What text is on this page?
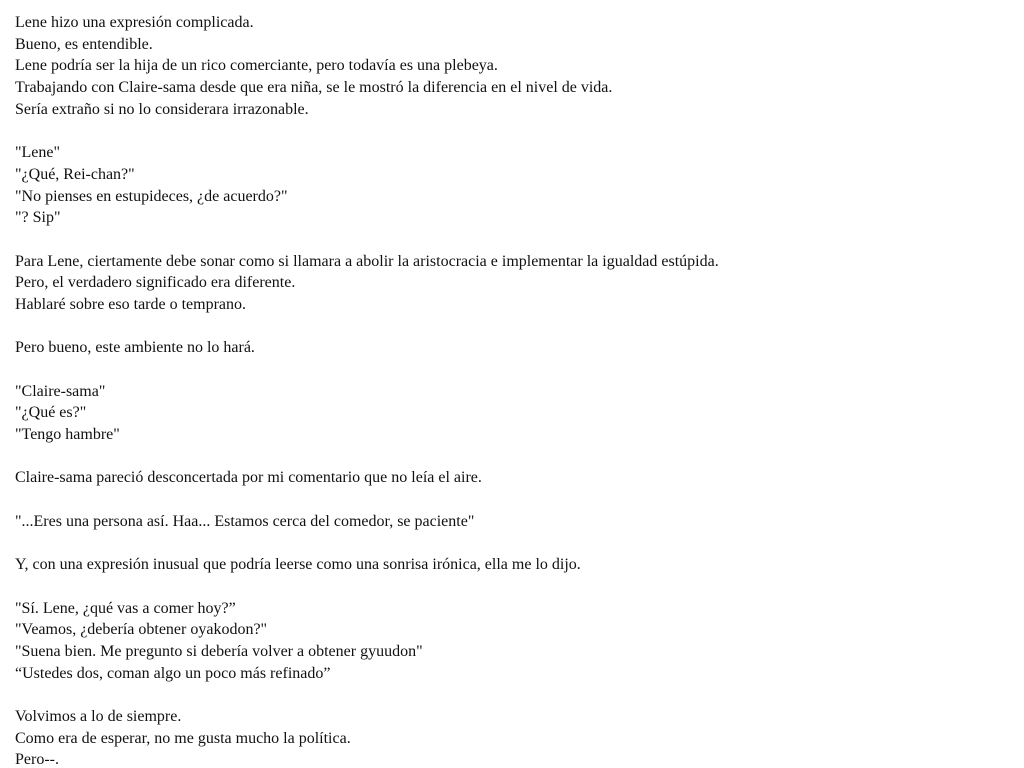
Lene hizo una expresión complicada.
Bueno, es entendible.
Lene podría ser la hija de un rico comerciante, pero todavía es una plebeya.
Trabajando con Claire-sama desde que era niña, se le mostró la diferencia en el nivel de vida.
Sería extraño si no lo considerara irrazonable.
"Lene"
"¿Qué, Rei-chan?"
"No pienses en estupideces, ¿de acuerdo?"
"? Sip"
Para Lene, ciertamente debe sonar como si llamara a abolir la aristocracia e implementar la igualdad estúpida.
Pero, el verdadero significado era diferente.
Hablaré sobre eso tarde o temprano.
Pero bueno, este ambiente no lo hará.
"Claire-sama"
"¿Qué es?"
"Tengo hambre"
Claire-sama pareció desconcertada por mi comentario que no leía el aire.
"...Eres una persona así. Haa... Estamos cerca del comedor, se paciente"
Y, con una expresión inusual que podría leerse como una sonrisa irónica, ella me lo dijo.
"Sí. Lene, ¿qué vas a comer hoy?”
"Veamos, ¿debería obtener oyakodon?"
"Suena bien. Me pregunto si debería volver a obtener gyuudon"
“Ustedes dos, coman algo un poco más refinado”
Volvimos a lo de siempre.
Como era de esperar, no me gusta mucho la política.
Pero--.
